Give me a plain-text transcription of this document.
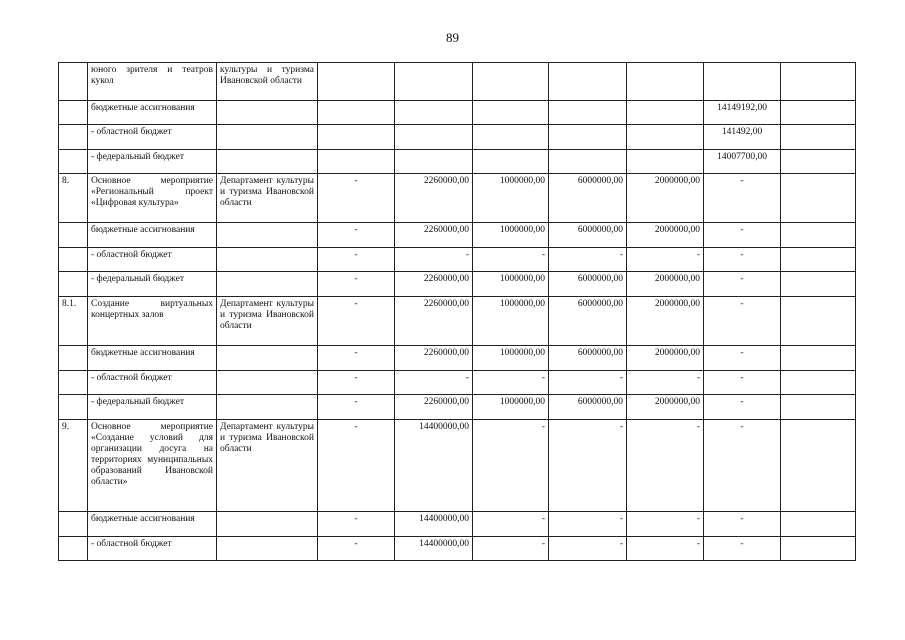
89
	юного зрителя и театров кукол	культуры и туризма Ивановской области							
	бюджетные ассигнования							14149192,00	
	- областной бюджет							141492,00	
	- федеральный бюджет							14007700,00	
8.	Основное мероприятие «Региональный проект «Цифровая культура»	Департамент культуры и туризма Ивановской области	-	2260000,00	1000000,00	6000000,00	2000000,00	-	
	бюджетные ассигнования		-	2260000,00	1000000,00	6000000,00	2000000,00	-	
	- областной бюджет		-	-	-	-	-	-	
	- федеральный бюджет		-	2260000,00	1000000,00	6000000,00	2000000,00	-	
8.1.	Создание виртуальных концертных залов	Департамент культуры и туризма Ивановской области	-	2260000,00	1000000,00	6000000,00	2000000,00	-	
	бюджетные ассигнования		-	2260000,00	1000000,00	6000000,00	2000000,00	-	
	- областной бюджет		-	-	-	-	-	-	
	- федеральный бюджет		-	2260000,00	1000000,00	6000000,00	2000000,00	-	
9.	Основное мероприятие «Создание условий для организации досуга на территориях муниципальных образований Ивановской области»	Департамент культуры и туризма Ивановской области	-	14400000,00	-	-	-	-	
	бюджетные ассигнования		-	14400000,00	-	-	-	-	
	- областной бюджет		-	14400000,00	-	-	-	-	
